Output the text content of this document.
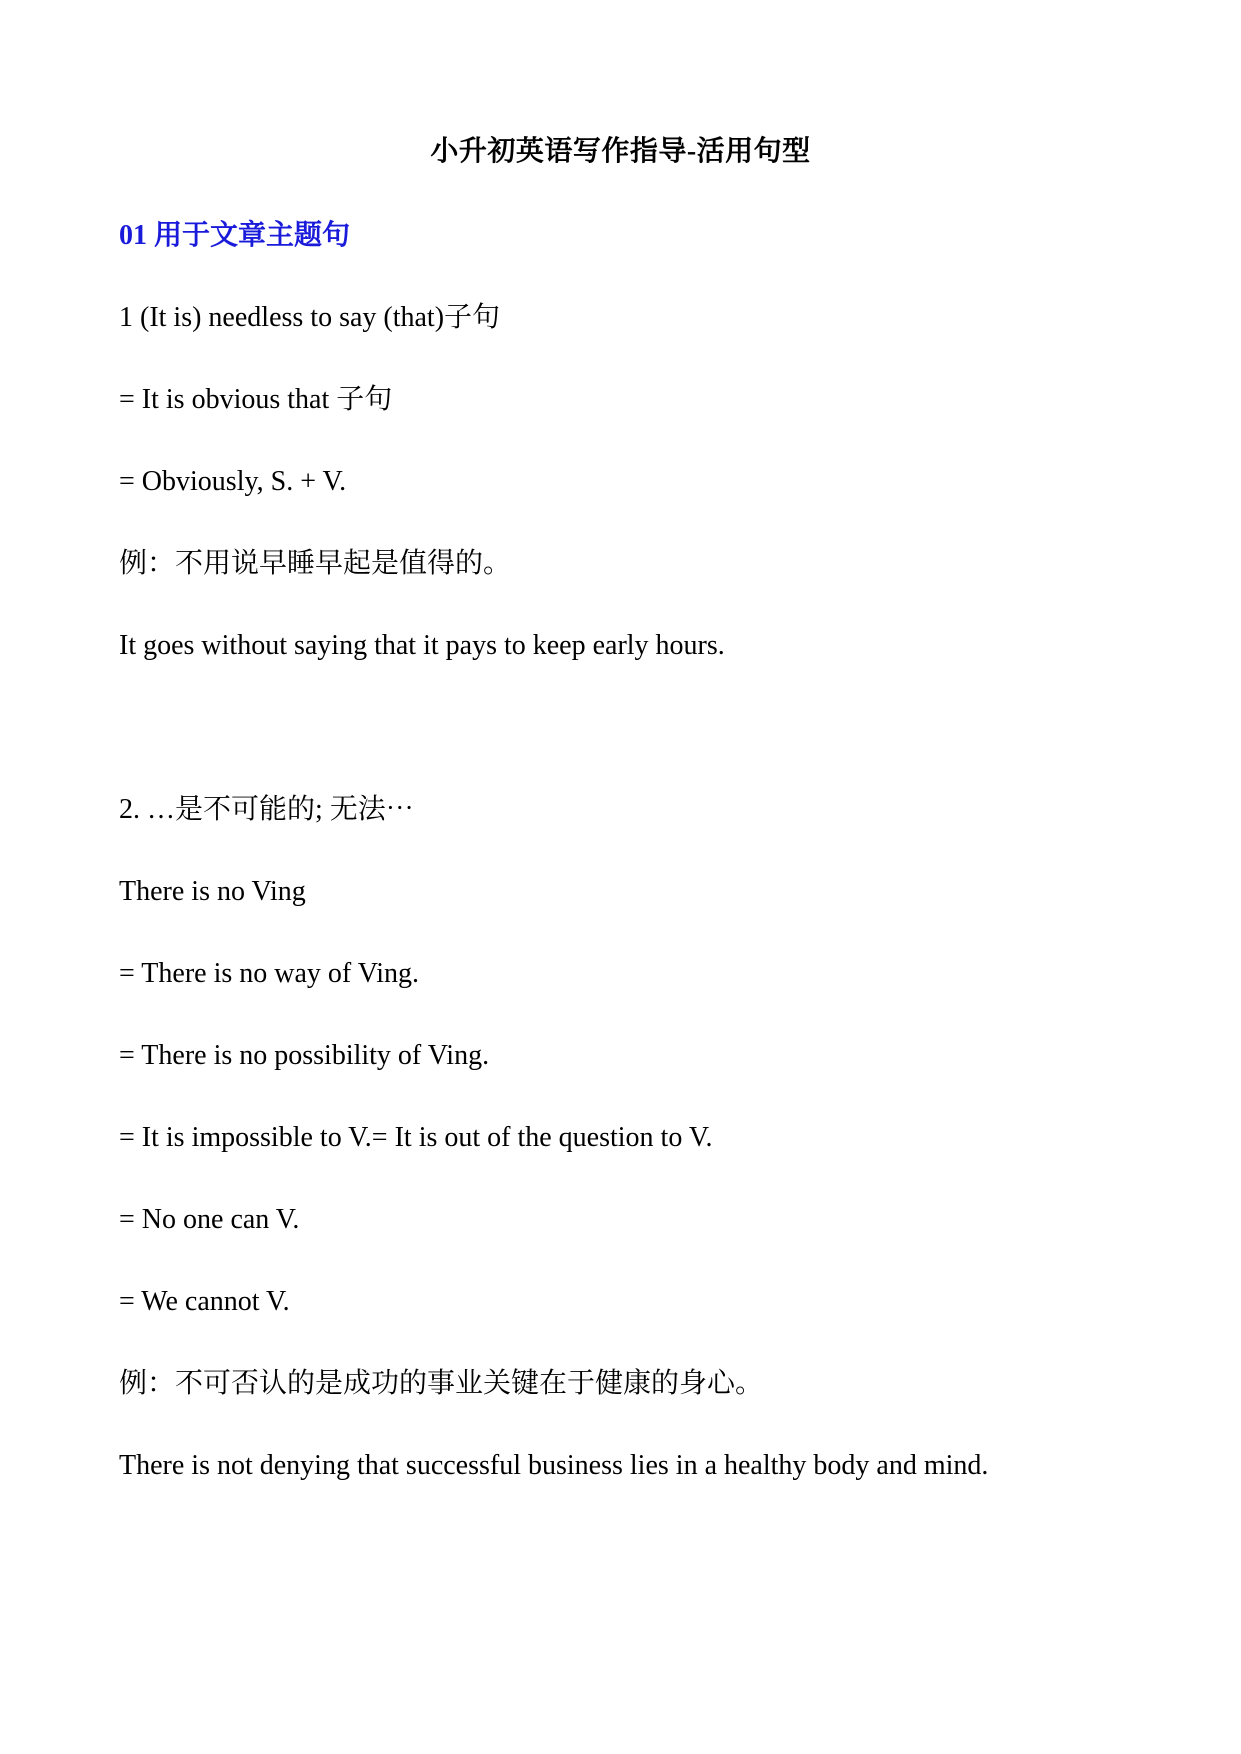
小升初英语写作指导-活用句型
01 用于文章主题句
1 (It is) needless to say (that)子句
= It is obvious that 子句
= Obviously, S. + V.
例：不用说早睡早起是值得的。
It goes without saying that it pays to keep early hours.
2. …是不可能的; 无法⋯
There is no Ving
= There is no way of Ving.
= There is no possibility of Ving.
= It is impossible to V.= It is out of the question to V.
= No one can V.
= We cannot V.
例：不可否认的是成功的事业关键在于健康的身心。
There is not denying that successful business lies in a healthy body and mind.
